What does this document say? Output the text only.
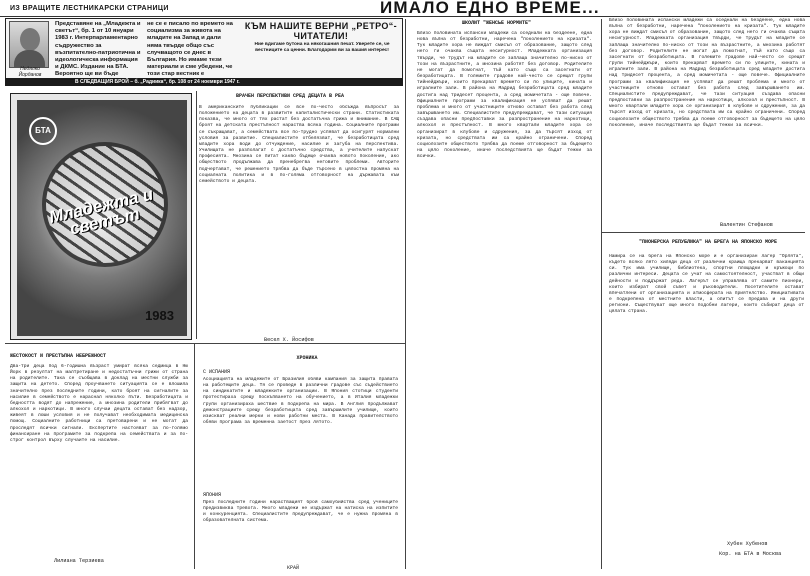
ИЗ ВРАЩИТЕ ЛЕСТНИКАРСКИ СТРАНИЦИ	ИМАЛО ЕДНО ВРЕМЕ...
Недялко Йорданов
Представяне на „Младежта и светът“, бр. 1 от 10 януари 1983 г. Интерпарламентарно съдружество за възпитателно-патриотична и идеологическа информация и ДКМС. Издание на БТА. Вероятно ще ви бъде
не се е писало по времето на социализма за живота на младите на Запад и дали няма твърде общо със случващото се днес в България. Но имаме тези материали и сме убедени, че този стар вестник е
В СЛЕДВАЩИЯ БРОЙ – б. „Радиика“, бр. 108 от 24 ноември 1947 г.
КЪМ НАШИТЕ ВЕРНИ „РЕТРО“-ЧИТАТЕЛИ!
Ние вдигаме бутона на някогашния печат. Уверете се, че вестниците са ценни. Благодарим ви за вашия интерес!
БТА
Младежта и светът
1983
ВРАЧЕН ПЕРСПЕКТИВИ СРЕД ДЕЦАТА В РЕА
В американските публикации се все по-често обсъжда въпросът за положението на децата в развитите капиталистически страни. Статистиката показва, че много от тях растат без достатъчна грижа и внимание. В САЩ броят на детската престъпност нараства всяка година. Социалните програми се съкращават, а семействата все по-трудно успяват да осигурят нормални условия за развитие. Специалистите отбелязват, че безработицата сред младите хора води до отчуждение, насилие и загуба на перспектива. Училищата не разполагат с достатъчно средства, а учителите напускат професията. Мнозина се питат какво бъдеще очаква новото поколение, ако обществото продължава да пренебрегва неговите проблеми. Авторите подчертават, че решението трябва да бъде търсено в цялостна промяна на социалната политика и в по-голяма отговорност на държавата към семейството и децата.
Весел Х. Йосифов
ШКОЛИТ "ЖЕНСЬЕ НОРМИТЕ"
Близо половината испански младежи са оседнали на бездеене, една нова вълна от безработни, наречена "поколението на кризата". Тук младите хора не виждат смисъл от образование, защото след него ги очаква същата несигурност. Младежката организация твърди, че трудът на младите се заплаща значително по-ниско от този на възрастните, а мнозина работят без договор. Родителите не могат да помогнат, тъй като също са засегнати от безработицата. В големите градове най-често се срещат групи тийнейджъри, които прекарват времето си по улиците, кината и игралните зали. В района на Мадрид безработицата сред младите достига над тридесет процента, а сред момичетата - още повече. Официалните програми за квалификация не успяват да решат проблема и много от участниците отново остават без работа след завършването им. Специалистите предупреждават, че тази ситуация създава опасни предпоставки за разпространение на наркотици, алкохол и престъпност. В много квартали младите хора се организират в клубове и сдружения, за да търсят изход от кризата, но средствата им са крайно ограничени. Според социолозите обществото трябва да поеме отговорност за бъдещето на цяло поколение, иначе последствията ще бъдат тежки за всички.
Близо половината испански младежи са оседнали на бездеене, една нова вълна от безработни, наречена "поколението на кризата". Тук младите хора не виждат смисъл от образование, защото след него ги очаква същата несигурност. Младежката организация твърди, че трудът на младите се заплаща значително по-ниско от този на възрастните, а мнозина работят без договор. Родителите не могат да помогнат, тъй като също са засегнати от безработицата. В големите градове най-често се срещат групи тийнейджъри, които прекарват времето си по улиците, кината и игралните зали. В района на Мадрид безработицата сред младите достига над тридесет процента, а сред момичетата - още повече. Официалните програми за квалификация не успяват да решат проблема и много от участниците отново остават без работа след завършването им. Специалистите предупреждават, че тази ситуация създава опасни предпоставки за разпространение на наркотици, алкохол и престъпност. В много квартали младите хора се организират в клубове и сдружения, за да търсят изход от кризата, но средствата им са крайно ограничени. Според социолозите обществото трябва да поеме отговорност за бъдещето на цяло поколение, иначе последствията ще бъдат тежки за всички.
Валентин Стефанов
ЖЕСТОКОСТ И ПРЕСТЪПНА НЕБРЕЖНОСТ
Два-три деца под 6-годишна възраст умират всяка седмица в Ню Йорк в резултат на малтретиране и недостатъчни грижи от страна на родителите. Така се съобщава в доклад на местни служби за защита на детето. Според проучването ситуацията се е влошила значително през последните години, като броят на сигналите за насилие в семейството е нараснал няколко пъти. Безработицата и бедността водят до напрежение, а мнозина родители прибягват до алкохол и наркотици. В много случаи децата остават без надзор, живеят в лоши условия и не получават необходимата медицинска помощ. Социалните работници са претоварени и не могат да проследят всички сигнали. Експертите настояват за по-голямо финансиране на програмите за подкрепа на семействата и за по-строг контрол върху случаите на насилие.
Лилиана Терзиева
ХРОНИКА
С ИСПАНИЯ
Асоциацията на младежите от Бразилия обяви кампания за защита правата на работещите деца. Тя се проведе в различни градове със съдействието на синдикатите и младежките организации. В Япония стотици студенти протестираха срещу поскъпването на обучението, а в Италия младежки групи организираха шествие в подкрепа на мира. В Англия продължават демонстрациите срещу безработицата сред завършилите училище, които изискват реални мерки и нови работни места. В Канада правителството обяви програма за временна заетост през лятото.
ЯПОНИЯ
През последните години нарастващият брой самоубийства сред учениците предизвиква тревога. Много младежи не издържат на натиска на изпитите и конкуренцията. Специалистите предупреждават, че е нужна промяна в образователната система.
КРАЙ
"ПИОНЕРСКА РЕПУБЛИКА" НА БРЕГА НА ЯПОНСКО МОРЕ
Намира се на брега на Японско море и е организиран лагер "Орлята", където всяко лято хиляди деца от различни краища прекарват ваканцията си. Тук има училище, библиотека, спортни площадки и кръжоци по различни интереси. Децата се учат на самостоятелност, участват в общи дейности и поддържат реда. Лагерът се управлява от самите пионери, които избират свой съвет и ръководители. Посетителите остават впечатлени от организацията и атмосферата на приятелство. Инициативата е подкрепена от местните власти, а опитът се предава и на други региони. Съществуват още много подобни лагери, които събират деца от цялата страна.
Хубен Хубенов
Кор. на БТА в Москва
